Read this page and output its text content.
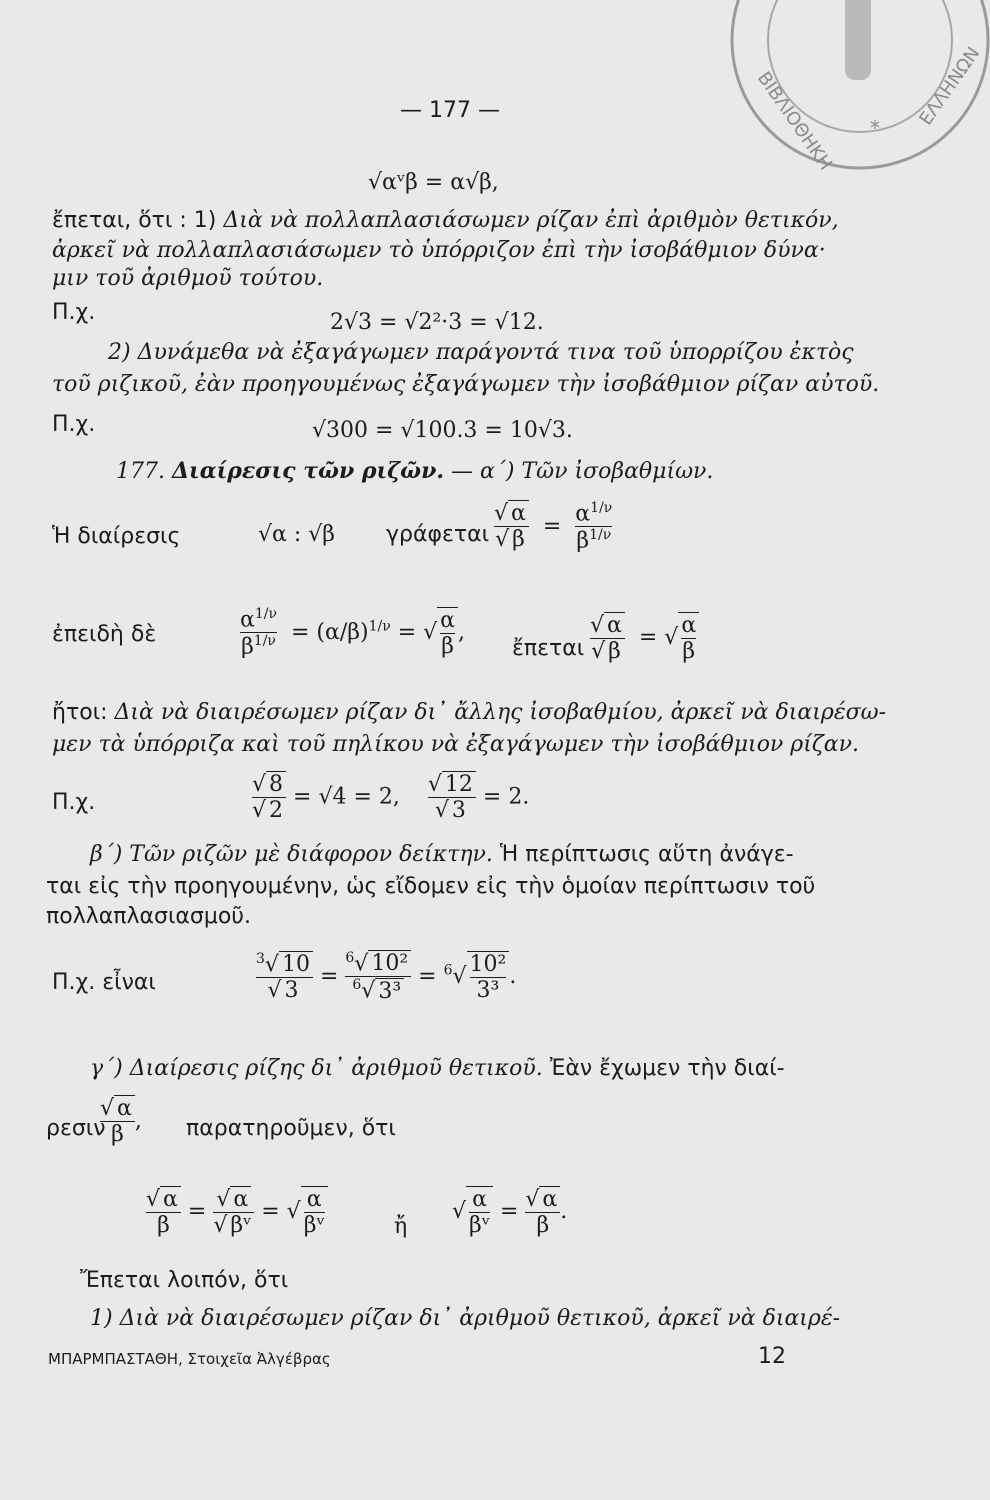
*
ΒΙΒΛΙΟΘΗΚΗ	ΕΛΛΗΝΩΝ
— 177 —
√αᵛβ = α√β,
ἔπεται, ὅτι : 1) Διὰ νὰ πολλαπλασιάσωμεν ρίζαν ἐπὶ ἀριθμὸν θετικόν,
ἀρκεῖ νὰ πολλαπλασιάσωμεν τὸ ὑπόρριζον ἐπὶ τὴν ἰσοβάθμιον δύνα·
μιν τοῦ ἀριθμοῦ τούτου.
Π.χ.	2√3 = √2²·3 = √12.
2) Δυνάμεθα νὰ ἐξαγάγωμεν παράγοντά τινα τοῦ ὑπορρίζου ἐκτὸς
τοῦ ριζικοῦ, ἐὰν προηγουμένως ἐξαγάγωμεν τὴν ἰσοβάθμιον ρίζαν αὐτοῦ.
Π.χ.	√300 = √100.3 = 10√3.
177. Διαίρεσις τῶν ριζῶν. — α΄) Τῶν ἰσοβαθμίων.
Ἡ διαίρεσις	√α : √β γράφεται $\frac{√ \alpha}{√ \beta} = \frac{\alpha^{1/\nu}}{\beta^{1/\nu}}$
ἐπειδὴ δὲ	$\frac{\alpha^{1/\nu}}{\beta^{1/\nu}} = (\alpha/\beta)^{1/\nu}$ = √ $\frac{\alpha}{\beta}$ ,
ἔπεται $\frac{√ \alpha}{√ \beta}$ = √ $\frac{\alpha}{\beta}$
ἤτοι: Διὰ νὰ διαιρέσωμεν ρίζαν δι᾽ ἄλλης ἰσοβαθμίου, ἀρκεῖ νὰ διαιρέσω-
μεν τὰ ὑπόρριζα καὶ τοῦ πηλίκου νὰ ἐξαγάγωμεν τὴν ἰσοβάθμιον ρίζαν.
Π.χ.	$\frac{√ 8}{√ 2} = √4 = 2$, $\frac{√ 12}{√ 3} = 2$.
β΄) Τῶν ριζῶν μὲ διάφορον δείκτην. Ἡ περίπτωσις αὕτη ἀνάγε-
ται εἰς τὴν προηγουμένην, ὡς εἴδομεν εἰς τὴν ὁμοίαν περίπτωσιν τοῦ
πολλαπλασιασμοῦ.
Π.χ. εἶναι	$\frac{^3√ 10}{√ 3} = \frac{^6√ 10^2}{^6√ 3^3} = ^6√ \frac{\text{10²}}{\text{3³}}$ .
γ΄) Διαίρεσις ρίζης δι᾽ ἀριθμοῦ θετικοῦ. Ἐὰν ἔχωμεν τὴν διαί-
ρεσιν
$\frac{√ \alpha}{\beta}$ , παρατηροῦμεν, ὅτι
$\frac{√ \alpha}{\beta} = \frac{√ \alpha}{\text{√ βᵛ}}$ = √ $\frac{\alpha}{\text{βᵛ}}$	ἤ
√ $\frac{\alpha}{\text{βᵛ}} = \frac{√ \alpha}{\beta}$ .
Ἔπεται λοιπόν, ὅτι
1) Διὰ νὰ διαιρέσωμεν ρίζαν δι᾽ ἀριθμοῦ θετικοῦ, ἀρκεῖ νὰ διαιρέ-
ΜΠΑΡΜΠΑΣΤΑΘΗ, Στοιχεῖα Ἀλγέβρας	12
